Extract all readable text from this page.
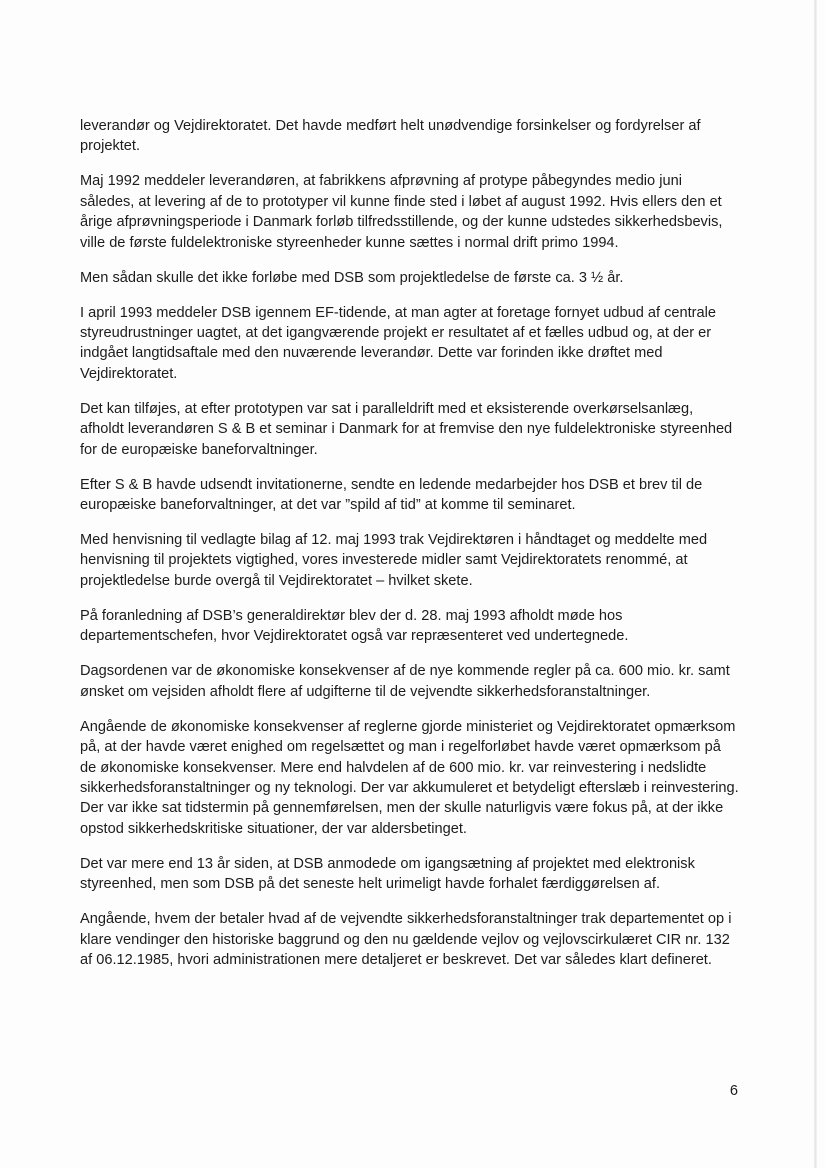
leverandør og Vejdirektoratet. Det havde medført helt unødvendige forsinkelser og fordyrelser af projektet.

Maj 1992 meddeler leverandøren, at fabrikkens afprøvning af protype påbegyndes medio juni således, at levering af de to prototyper vil kunne finde sted i løbet af august 1992. Hvis ellers den et årige afprøvningsperiode i Danmark forløb tilfredsstillende, og der kunne udstedes sikkerhedsbevis, ville de første fuldelektroniske styreenheder kunne sættes i normal drift primo 1994.

Men sådan skulle det ikke forløbe med DSB som projektledelse de første ca. 3 ½ år.

I april 1993 meddeler DSB igennem EF-tidende, at man agter at foretage fornyet udbud af centrale styreudrustninger uagtet, at det igangværende projekt er resultatet af et fælles udbud og, at der er indgået langtidsaftale med den nuværende leverandør. Dette var forinden ikke drøftet med Vejdirektoratet.

Det kan tilføjes, at efter prototypen var sat i paralleldrift med et eksisterende overkørselsanlæg, afholdt leverandøren S & B et seminar i Danmark for at fremvise den nye fuldelektroniske styreenhed for de europæiske baneforvaltninger.

Efter S & B havde udsendt invitationerne, sendte en ledende medarbejder hos DSB et brev til de europæiske baneforvaltninger, at det var ”spild af tid” at komme til seminaret.

Med henvisning til vedlagte bilag af 12. maj 1993 trak Vejdirektøren i håndtaget og meddelte med henvisning til projektets vigtighed, vores investerede midler samt Vejdirektoratets renommé, at projektledelse burde overgå til Vejdirektoratet – hvilket skete.

På foranledning af DSB’s generaldirektør blev der d. 28. maj 1993 afholdt møde hos departementschefen, hvor Vejdirektoratet også var repræsenteret ved undertegnede.

Dagsordenen var de økonomiske konsekvenser af de nye kommende regler på ca. 600 mio. kr. samt ønsket om vejsiden afholdt flere af udgifterne til de vejvendte sikkerhedsforanstaltninger.

Angående de økonomiske konsekvenser af reglerne gjorde ministeriet og Vejdirektoratet opmærksom på, at der havde været enighed om regelsættet og man i regelforløbet havde været opmærksom på de økonomiske konsekvenser. Mere end halvdelen af de 600 mio. kr. var reinvestering i nedslidte sikkerhedsforanstaltninger og ny teknologi. Der var akkumuleret et betydeligt efterslæb i reinvestering. Der var ikke sat tidstermin på gennemførelsen, men der skulle naturligvis være fokus på, at der ikke opstod sikkerhedskritiske situationer, der var aldersbetinget.

Det var mere end 13 år siden, at DSB anmodede om igangsætning af projektet med elektronisk styreenhed, men som DSB på det seneste helt urimeligt havde forhalet færdiggørelsen af.

Angående, hvem der betaler hvad af de vejvendte sikkerhedsforanstaltninger trak departementet op i klare vendinger den historiske baggrund og den nu gældende vejlov og vejlovscirkulæret CIR nr. 132 af 06.12.1985, hvori administrationen mere detaljeret er beskrevet. Det var således klart defineret.

6
